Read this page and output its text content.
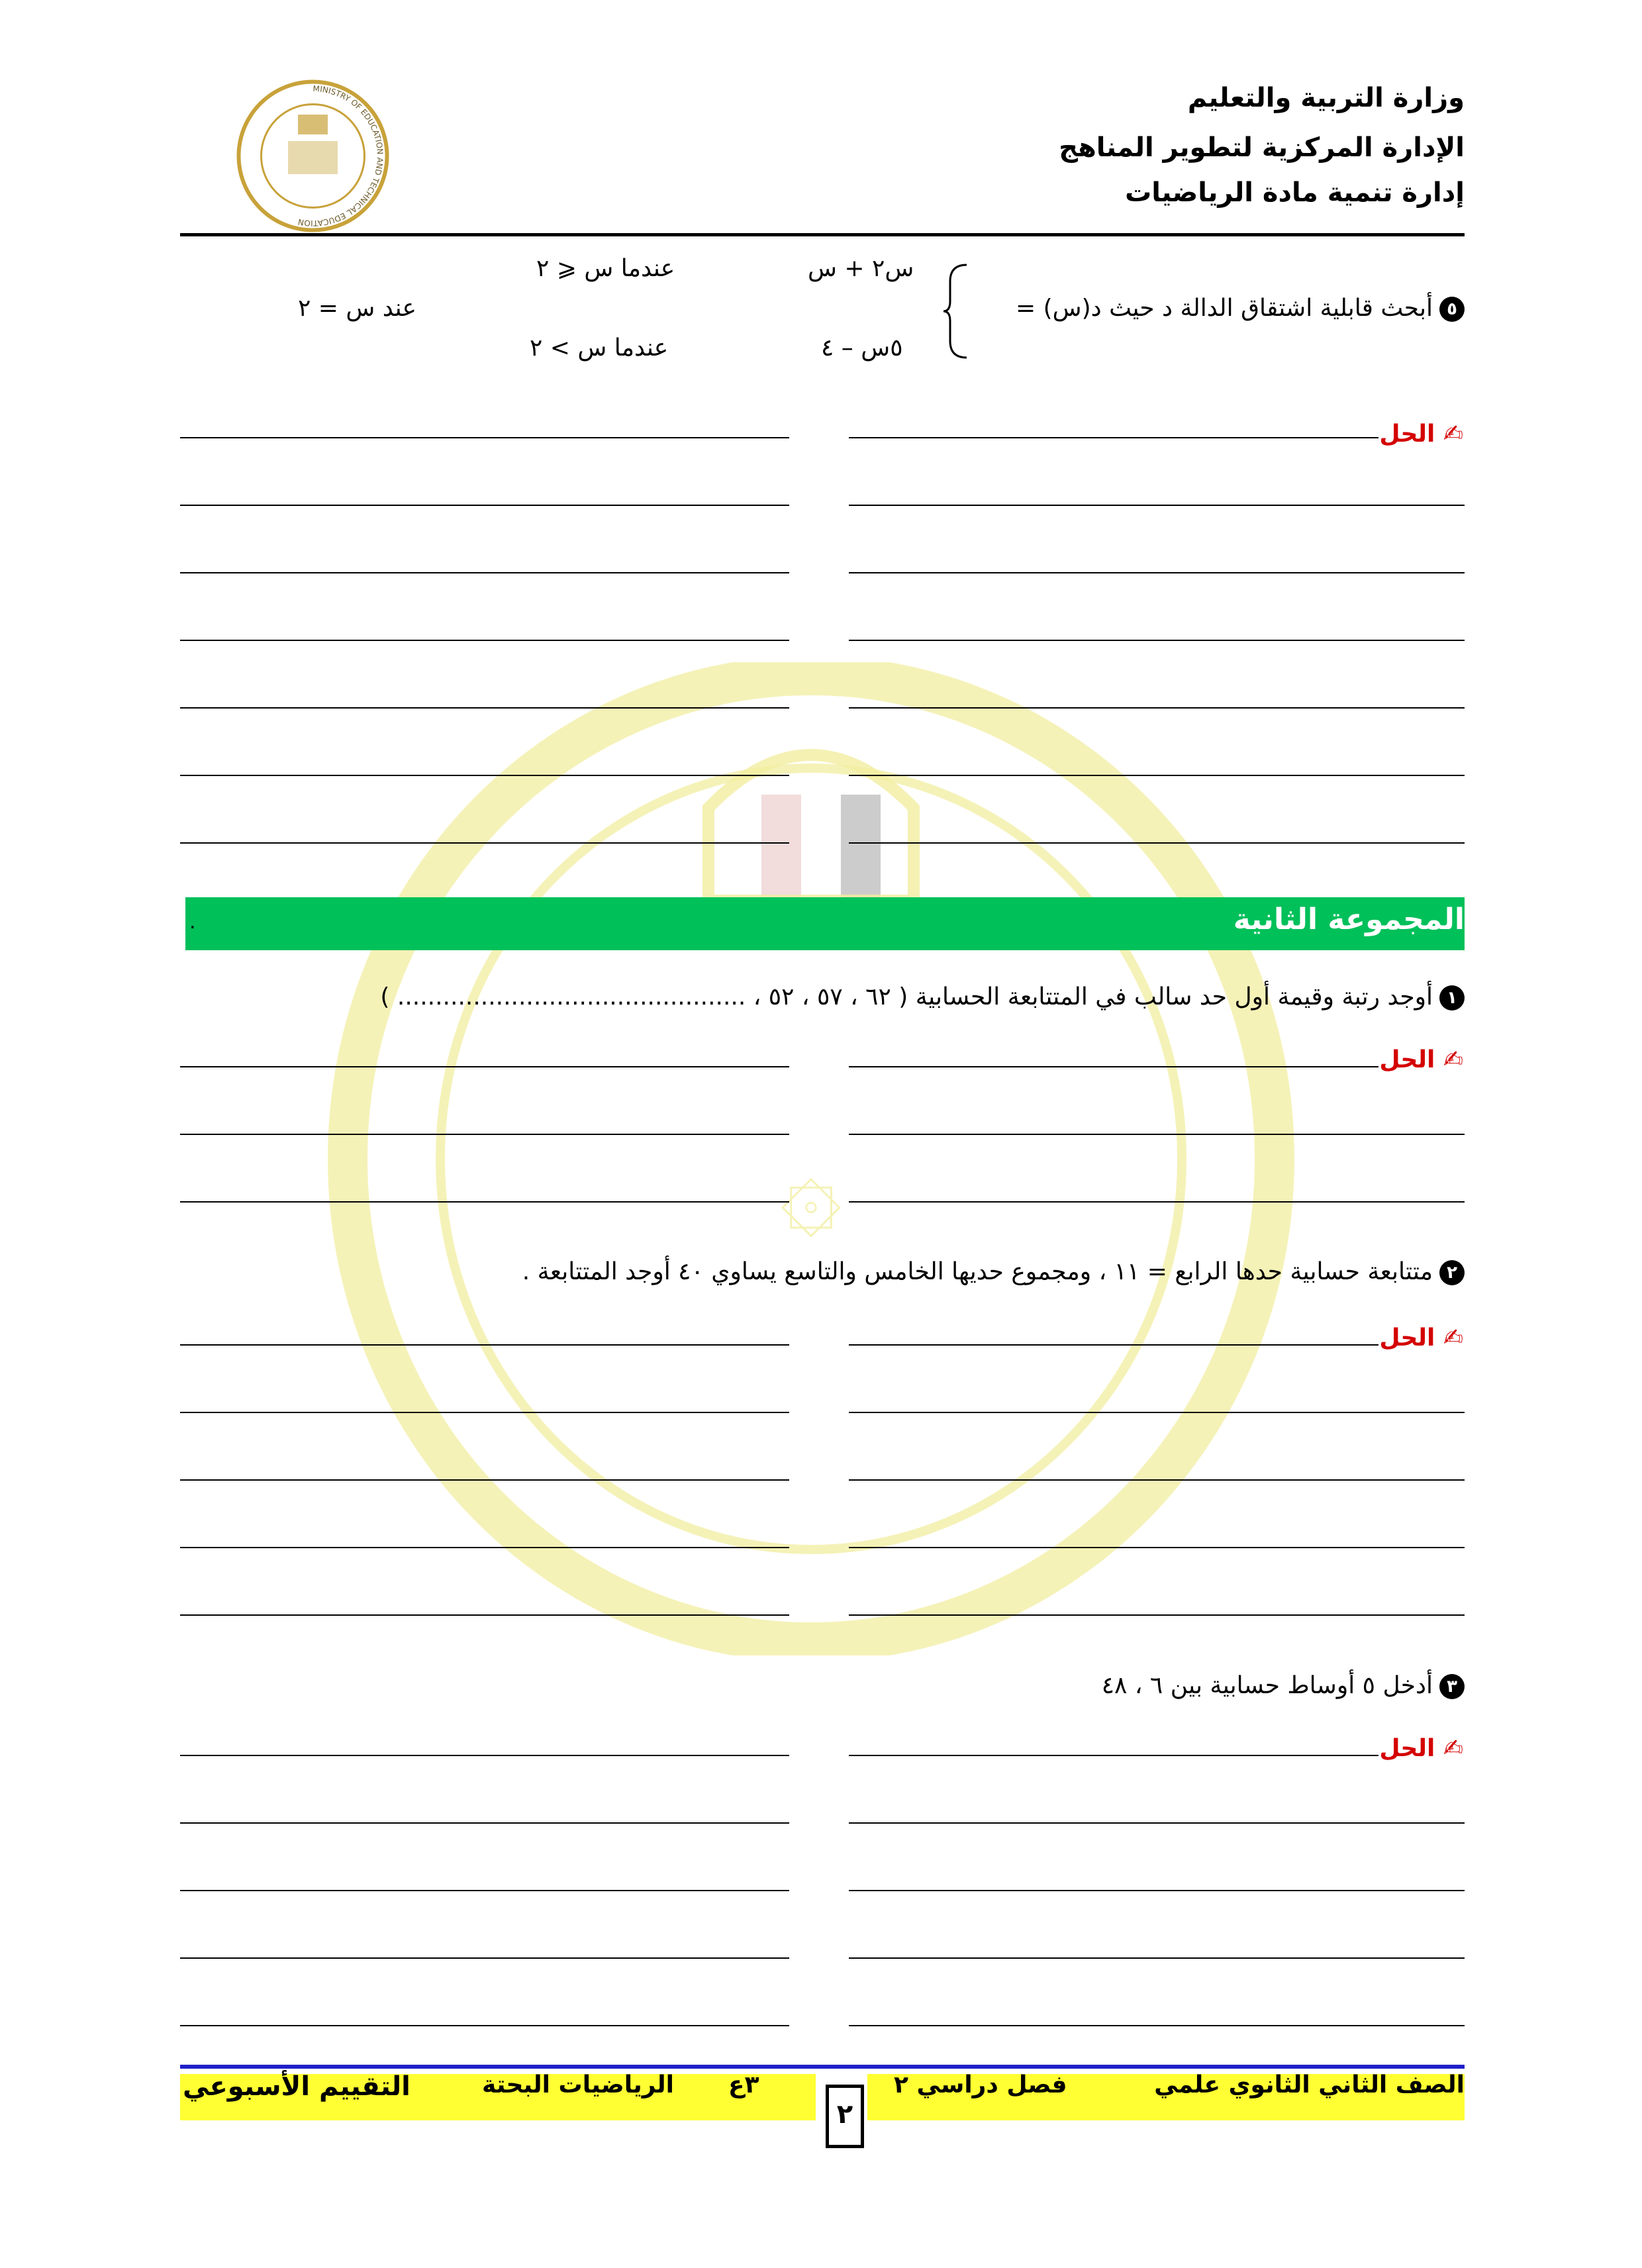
۞
MINISTRY OF EDUCATION AND TECHNICAL EDUCATION
وزارة التربية والتعليم
الإدارة المركزية لتطوير المناهج
إدارة تنمية مادة الرياضيات
٥أبحث قابلية اشتقاق الدالة د حيث د(س) =
س٢ + س
عندما س ⩽ ٢
٥س – ٤
عندما س > ٢
عند س = ٢
✍ الحل
المجموعة الثانية
.
١أوجد رتبة وقيمة أول حد سالب في المتتابعة الحسابية ( ٦٢ ، ٥٧ ، ٥٢ ، .............................................. )
✍ الحل
٢متتابعة حسابية حدها الرابع = ١١ ، ومجموع حديها الخامس والتاسع يساوي ٤٠ أوجد المتتابعة .
✍ الحل
٣أدخل ٥ أوساط حسابية بين ٦ ، ٤٨
✍ الحل
الصف الثاني الثانوي علمي
فصل دراسي ٢
٢
٣ع
الرياضيات البحتة
التقييم الأسبوعي
